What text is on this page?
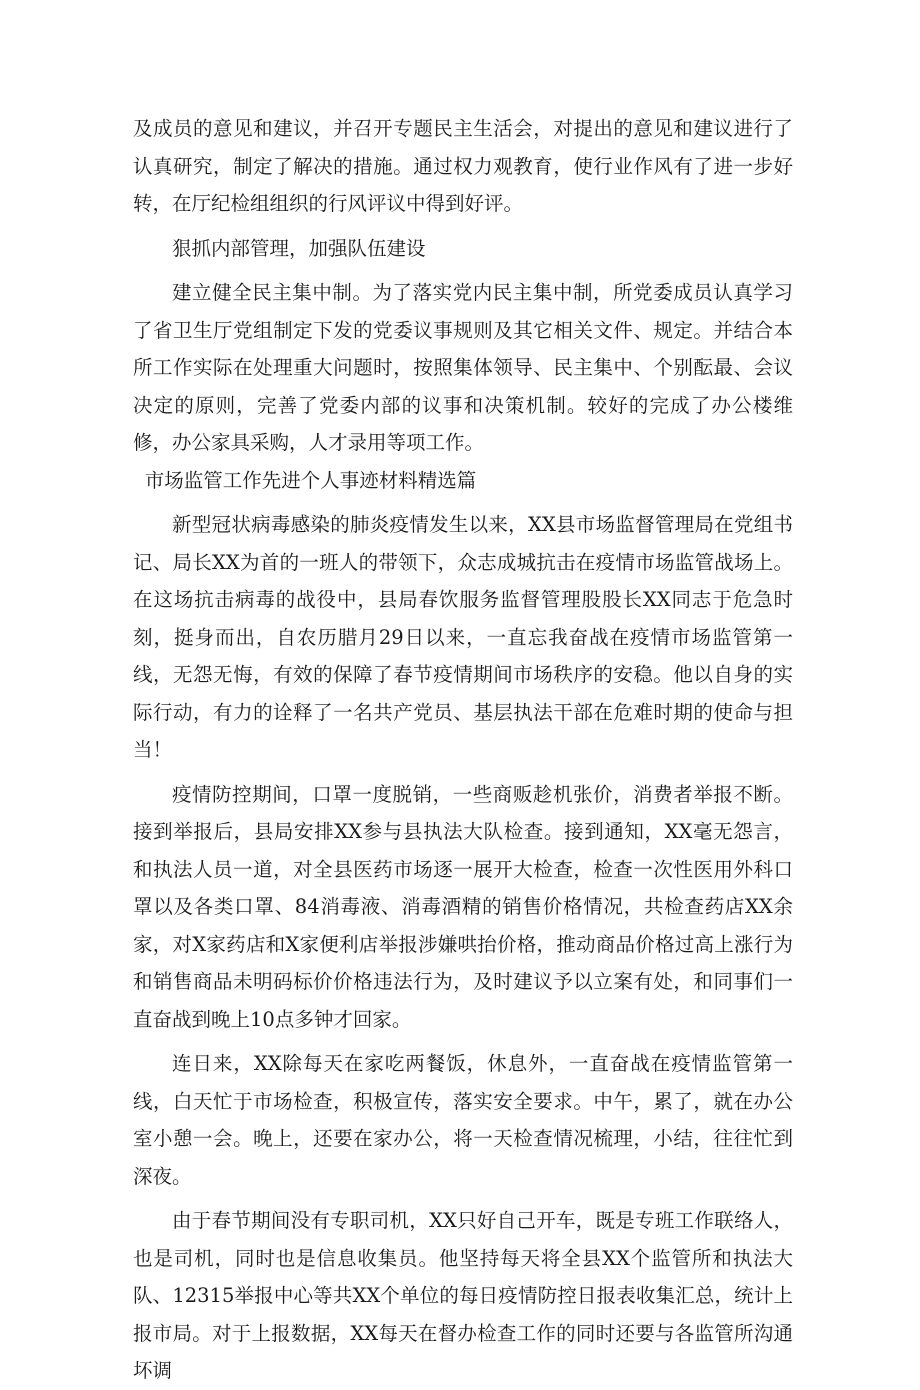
及成员的意见和建议，并召开专题民主生活会，对提出的意见和建议进行了认真研究，制定了解决的措施。通过权力观教育，使行业作风有了进一步好转，在厅纪检组组织的行风评议中得到好评。

狠抓内部管理，加强队伍建设

建立健全民主集中制。为了落实党内民主集中制，所党委成员认真学习了省卫生厅党组制定下发的党委议事规则及其它相关文件、规定。并结合本所工作实际在处理重大问题时，按照集体领导、民主集中、个别酝最、会议决定的原则，完善了党委内部的议事和决策机制。较好的完成了办公楼维修，办公家具采购，人才录用等项工作。

市场监管工作先进个人事迹材料精选篇

新型冠状病毒感染的肺炎疫情发生以来，XX县市场监督管理局在党组书记、局长XX为首的一班人的带领下，众志成城抗击在疫情市场监管战场上。在这场抗击病毒的战役中，县局春饮服务监督管理股股长XX同志于危急时刻，挺身而出，自农历腊月29日以来，一直忘我奋战在疫情市场监管第一线，无怨无悔，有效的保障了春节疫情期间市场秩序的安稳。他以自身的实际行动，有力的诠释了一名共产党员、基层执法干部在危难时期的使命与担当！

疫情防控期间，口罩一度脱销，一些商贩趁机张价，消费者举报不断。接到举报后，县局安排XX参与县执法大队检查。接到通知，XX毫无怨言，和执法人员一道，对全县医药市场逐一展开大检查，检查一次性医用外科口罩以及各类口罩、84消毒液、消毒酒精的销售价格情况，共检查药店XX余家，对X家药店和X家便利店举报涉嫌哄抬价格，推动商品价格过高上涨行为和销售商品未明码标价价格违法行为，及时建议予以立案有处，和同事们一直奋战到晚上10点多钟才回家。

连日来，XX除每天在家吃两餐饭，休息外，一直奋战在疫情监管第一线，白天忙于市场检查，积极宣传，落实安全要求。中午，累了，就在办公室小憩一会。晚上，还要在家办公，将一天检查情况梳理，小结，往往忙到深夜。

由于春节期间没有专职司机，XX只好自己开车，既是专班工作联络人，也是司机，同时也是信息收集员。他坚持每天将全县XX个监管所和执法大队、12315举报中心等共XX个单位的每日疫情防控日报表收集汇总，统计上报市局。对于上报数据，XX每天在督办检查工作的同时还要与各监管所沟通坏调
